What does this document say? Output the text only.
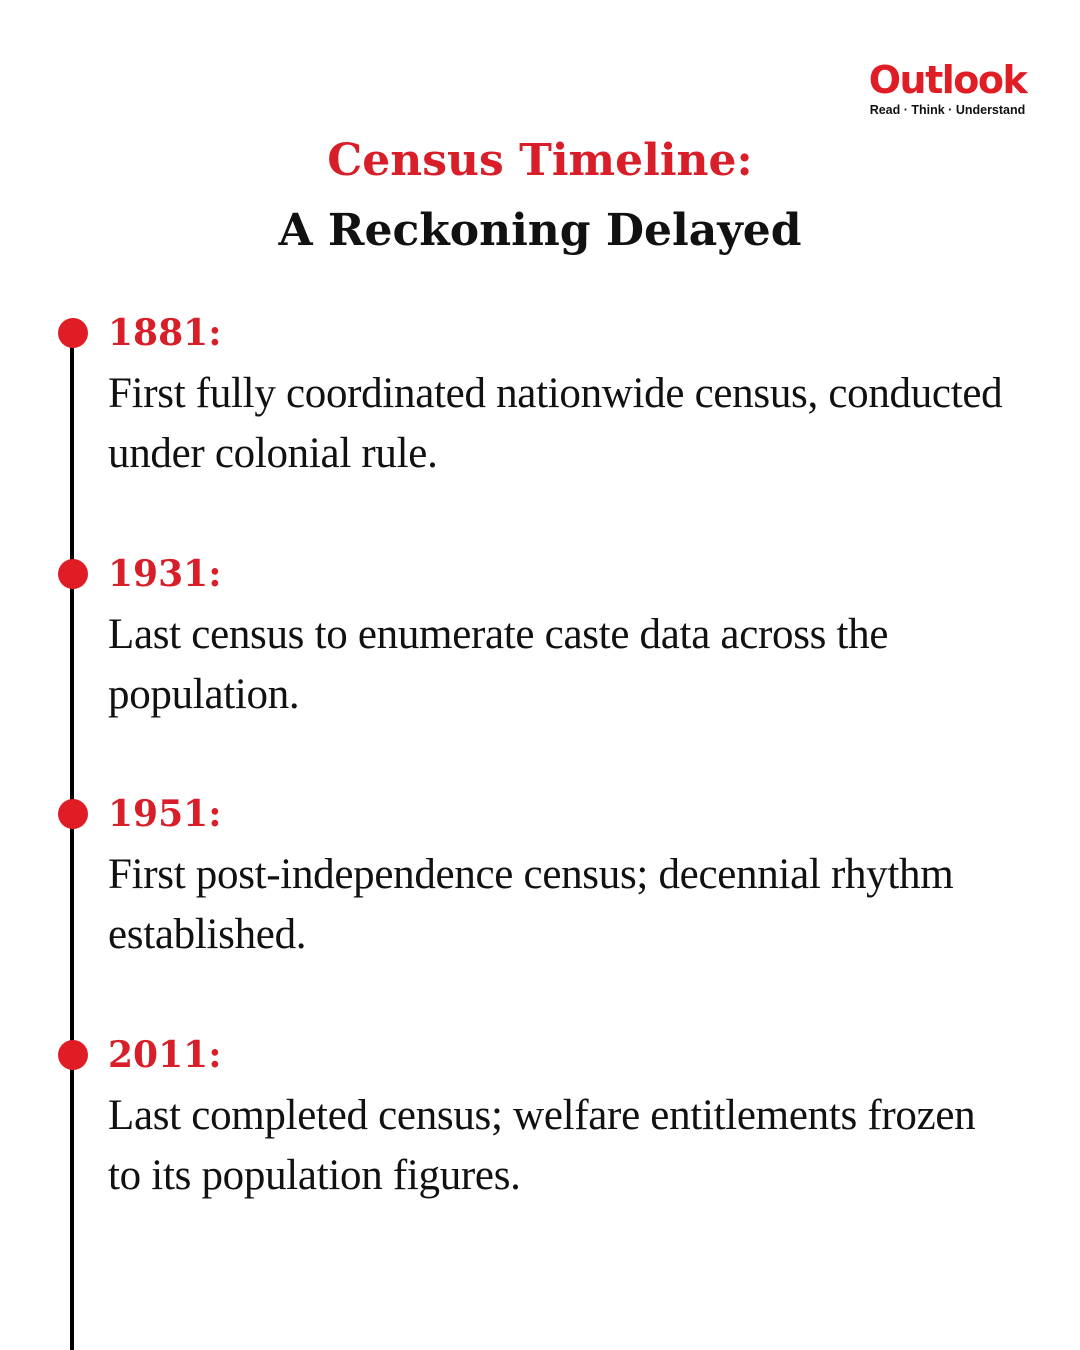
Outlook
Read · Think · Understand
Census Timeline:
A Reckoning Delayed
1881:
First fully coordinated nationwide census, conducted under colonial rule.
1931:
Last census to enumerate caste data across the population.
1951:
First post-independence census; decennial rhythm established.
2011:
Last completed census; welfare entitlements frozen to its population figures.
